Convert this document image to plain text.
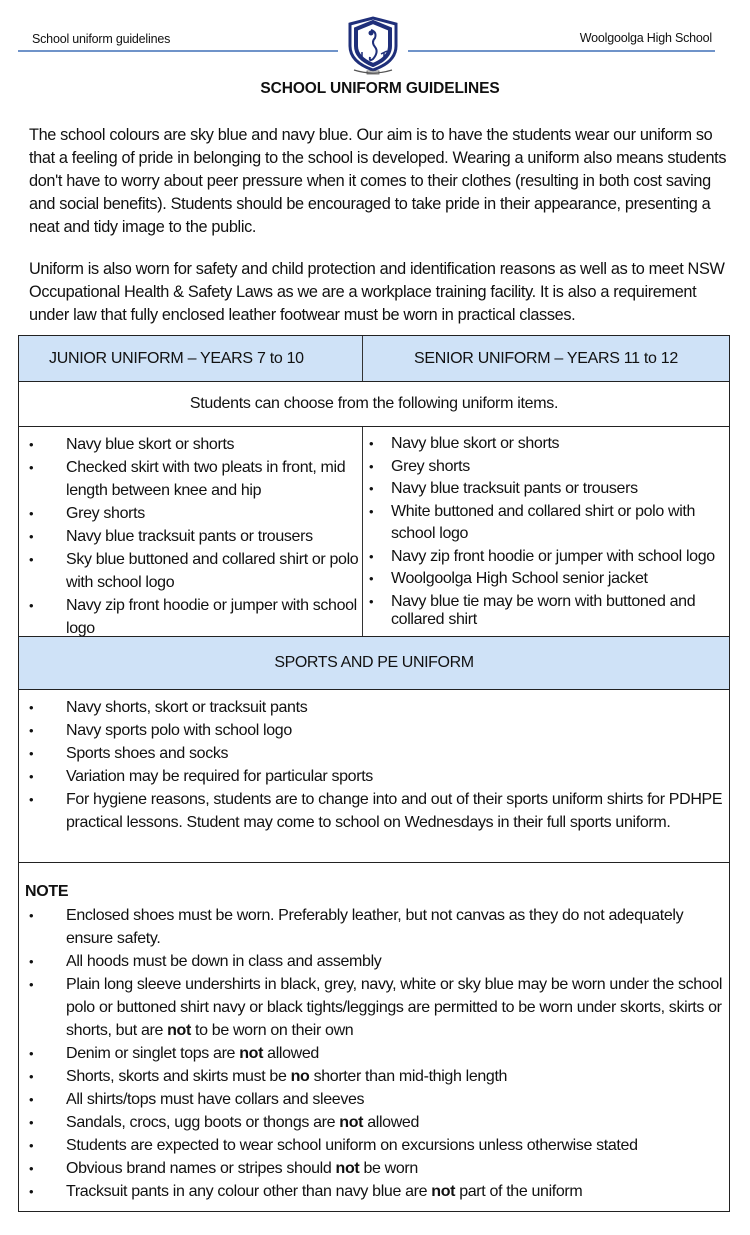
School uniform guidelines	Woolgoolga High School
SCHOOL UNIFORM GUIDELINES

The school colours are sky blue and navy blue. Our aim is to have the students wear our uniform so that a feeling of pride in belonging to the school is developed. Wearing a uniform also means students don't have to worry about peer pressure when it comes to their clothes (resulting in both cost saving and social benefits). Students should be encouraged to take pride in their appearance, presenting a neat and tidy image to the public.

Uniform is also worn for safety and child protection and identification reasons as well as to meet NSW Occupational Health & Safety Laws as we are a workplace training facility. It is also a requirement under law that fully enclosed leather footwear must be worn in practical classes.

JUNIOR UNIFORM – YEARS 7 to 10	SENIOR UNIFORM – YEARS 11 to 12
Students can choose from the following uniform items.
• Navy blue skort or shorts
• Checked skirt with two pleats in front, mid length between knee and hip
• Grey shorts
• Navy blue tracksuit pants or trousers
• Sky blue buttoned and collared shirt or polo with school logo
• Navy zip front hoodie or jumper with school logo
• Navy blue skort or shorts
• Grey shorts
• Navy blue tracksuit pants or trousers
• White buttoned and collared shirt or polo with school logo
• Navy zip front hoodie or jumper with school logo
• Woolgoolga High School senior jacket
• Navy blue tie may be worn with buttoned and collared shirt
SPORTS AND PE UNIFORM
• Navy shorts, skort or tracksuit pants
• Navy sports polo with school logo
• Sports shoes and socks
• Variation may be required for particular sports
• For hygiene reasons, students are to change into and out of their sports uniform shirts for PDHPE practical lessons. Student may come to school on Wednesdays in their full sports uniform.
NOTE
• Enclosed shoes must be worn. Preferably leather, but not canvas as they do not adequately ensure safety.
• All hoods must be down in class and assembly
• Plain long sleeve undershirts in black, grey, navy, white or sky blue may be worn under the school polo or buttoned shirt navy or black tights/leggings are permitted to be worn under skorts, skirts or shorts, but are not to be worn on their own
• Denim or singlet tops are not allowed
• Shorts, skorts and skirts must be no shorter than mid-thigh length
• All shirts/tops must have collars and sleeves
• Sandals, crocs, ugg boots or thongs are not allowed
• Students are expected to wear school uniform on excursions unless otherwise stated
• Obvious brand names or stripes should not be worn
• Tracksuit pants in any colour other than navy blue are not part of the uniform
